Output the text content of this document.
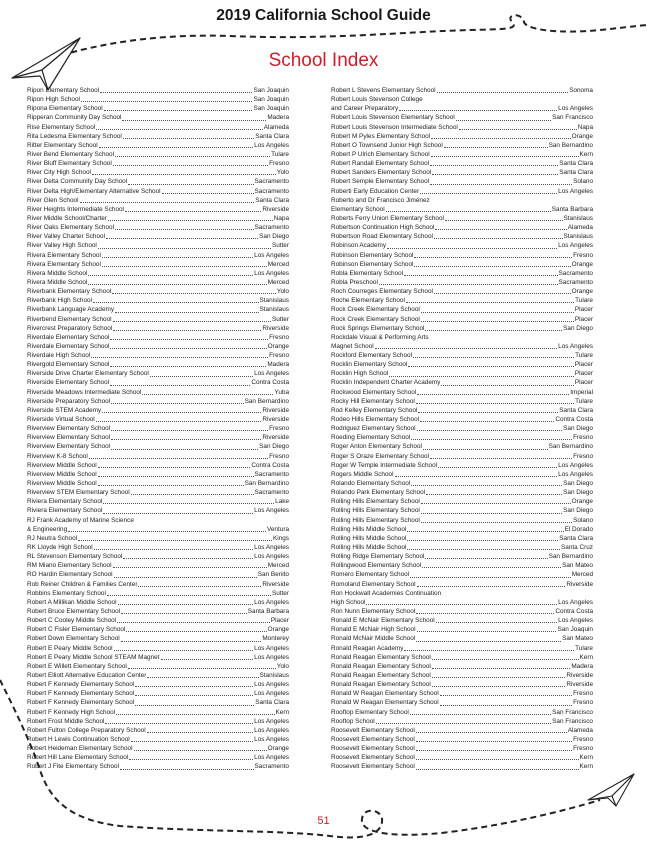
2019 California School Guide
School Index
Ripon Elementary School	San Joaquin
Ripon High School	San Joaquin
Ripona Elementary School	San Joaquin
Ripperan Community Day School	Madera
Rise Elementary School	Alameda
Rita Ledesma Elementary School	Santa Clara
Ritter Elementary School	Los Angeles
River Bend Elementary School	Tulare
River Bluff Elementary School	Fresno
River City High School	Yolo
River Delta Community Day School	Sacramento
River Delta High/Elementary Alternative School	Sacramento
River Glen School	Santa Clara
River Heights Intermediate School	Riverside
River Middle School/Charter	Napa
River Oaks Elementary School	Sacramento
River Valley Charter School	San Diego
River Valley High School	Sutter
Rivera Elementary School	Los Angeles
Rivera Elementary School	Merced
Rivera Middle School	Los Angeles
Rivera Middle School	Merced
Riverbank Elementary School	Yolo
Riverbank High School	Stanislaus
Riverbank Language Academy	Stanislaus
Riverbend Elementary School	Sutter
Rivercrest Preparatory School	Riverside
Riverdale Elementary School	Fresno
Riverdale Elementary School	Orange
Riverdale High School	Fresno
Rivergold Elementary School	Madera
Riverside Drive Charter Elementary School	Los Angeles
Riverside Elementary School	Contra Costa
Riverside Meadows Intermediate School	Yuba
Riverside Preparatory School	San Bernardino
Riverside STEM Academy	Riverside
Riverside Virtual School	Riverside
Riverview Elementary School	Fresno
Riverview Elementary School	Riverside
Riverview Elementary School	San Diego
Riverview K-8 School	Fresno
Riverview Middle School	Contra Costa
Riverview Middle School	Sacramento
Riverview Middle School	San Bernardino
Riverview STEM Elementary School	Sacramento
Riviera Elementary School	Lake
Riviera Elementary School	Los Angeles
RJ Frank Academy of Marine Science
& Engineering	Ventura
RJ Neutra School	Kings
RK Lloyde High School	Los Angeles
RL Stevenson Elementary School	Los Angeles
RM Miano Elementary School	Merced
RO Hardin Elementary School	San Benito
Rob Reiner Children & Families Center	Riverside
Robbins Elementary School	Sutter
Robert A Millikan Middle School	Los Angeles
Robert Bruce Elementary School	Santa Barbara
Robert C Cooley Middle School	Placer
Robert C Fisler Elementary School	Orange
Robert Down Elementary School	Monterey
Robert E Peary Middle School	Los Angeles
Robert E Peary Middle School STEAM Magnet	Los Angeles
Robert E Willett Elementary School	Yolo
Robert Elliott Alternative Education Center	Stanislaus
Robert F Kennedy Elementary School	Los Angeles
Robert F Kennedy Elementary School	Los Angeles
Robert F Kennedy Elementary School	Santa Clara
Robert F Kennedy High School	Kern
Robert Frost Middle School	Los Angeles
Robert Fulton College Preparatory School	Los Angeles
Robert H Lewis Continuation School	Los Angeles
Robert Heideman Elementary School	Orange
Robert Hill Lane Elementary School	Los Angeles
Robert J Fite Elementary School	Sacramento
Robert L Stevens Elementary School	Sonoma
Robert Louis Stevenson College
and Career Preparatory	Los Angeles
Robert Louis Stevenson Elementary School	San Francisco
Robert Louis Stevenson Intermediate School	Napa
Robert M Pyles Elementary School	Orange
Robert O Townsend Junior High School	San Bernardino
Robert P Ulrich Elementary School	Kern
Robert Randall Elementary School	Santa Clara
Robert Sanders Elementary School	Santa Clara
Robert Semple Elementary School	Solano
Roberti Early Education Center	Los Angeles
Roberto and Dr Francisco Jiménez
Elementary School	Santa Barbara
Roberts Ferry Union Elementary School	Stanislaus
Robertson Continuation High School	Alameda
Robertson Road Elementary School	Stanislaus
Robinson Academy	Los Angeles
Robinson Elementary School	Fresno
Robinson Elementary School	Orange
Robla Elementary School	Sacramento
Robla Preschool	Sacramento
Roch Courreges Elementary School	Orange
Roche Elementary School	Tulare
Rock Creek Elementary School	Placer
Rock Creek Elementary School	Placer
Rock Springs Elementary School	San Diego
Rockdale Visual & Performing Arts
Magnet School	Los Angeles
Rockford Elementary School	Tulare
Rocklin Elementary School	Placer
Rocklin High School	Placer
Rocklin Independent Charter Academy	Placer
Rockwood Elementary School	Imperial
Rocky Hill Elementary School	Tulare
Rod Kelley Elementary School	Santa Clara
Rodeo Hills Elementary School	Contra Costa
Rodriguez Elementary School	San Diego
Roeding Elementary School	Fresno
Roger Anton Elementary School	San Bernardino
Roger S Oraze Elementary School	Fresno
Roger W Temple Intermediate School	Los Angeles
Rogers Middle School	Los Angeles
Rolando Elementary School	San Diego
Rolando Park Elementary School	San Diego
Rolling Hills Elementary School	Orange
Rolling Hills Elementary School	San Diego
Rolling Hills Elementary School	Solano
Rolling Hills Middle School	El Dorado
Rolling Hills Middle School	Santa Clara
Rolling Hills Middle School	Santa Cruz
Rolling Ridge Elementary School	San Bernardino
Rollingwood Elementary School	San Mateo
Romero Elementary School	Merced
Romoland Elementary School	Riverside
Ron Hockwalt Academies Continuation
High School	Los Angeles
Ron Nunn Elementary School	Contra Costa
Ronald E McNair Elementary School	Los Angeles
Ronald E McNair High School	San Joaquin
Ronald McNair Middle School	San Mateo
Ronald Reagan Academy	Tulare
Ronald Reagan Elementary School	Kern
Ronald Reagan Elementary School	Madera
Ronald Reagan Elementary School	Riverside
Ronald Reagan Elementary School	Riverside
Ronald W Reagan Elementary School	Fresno
Ronald W Reagan Elementary School	Fresno
Rooftop Elementary School	San Francisco
Rooftop School	San Francisco
Roosevelt Elementary School	Alameda
Roosevelt Elementary School	Fresno
Roosevelt Elementary School	Fresno
Roosevelt Elementary School	Kern
Roosevelt Elementary School	Kern
51
